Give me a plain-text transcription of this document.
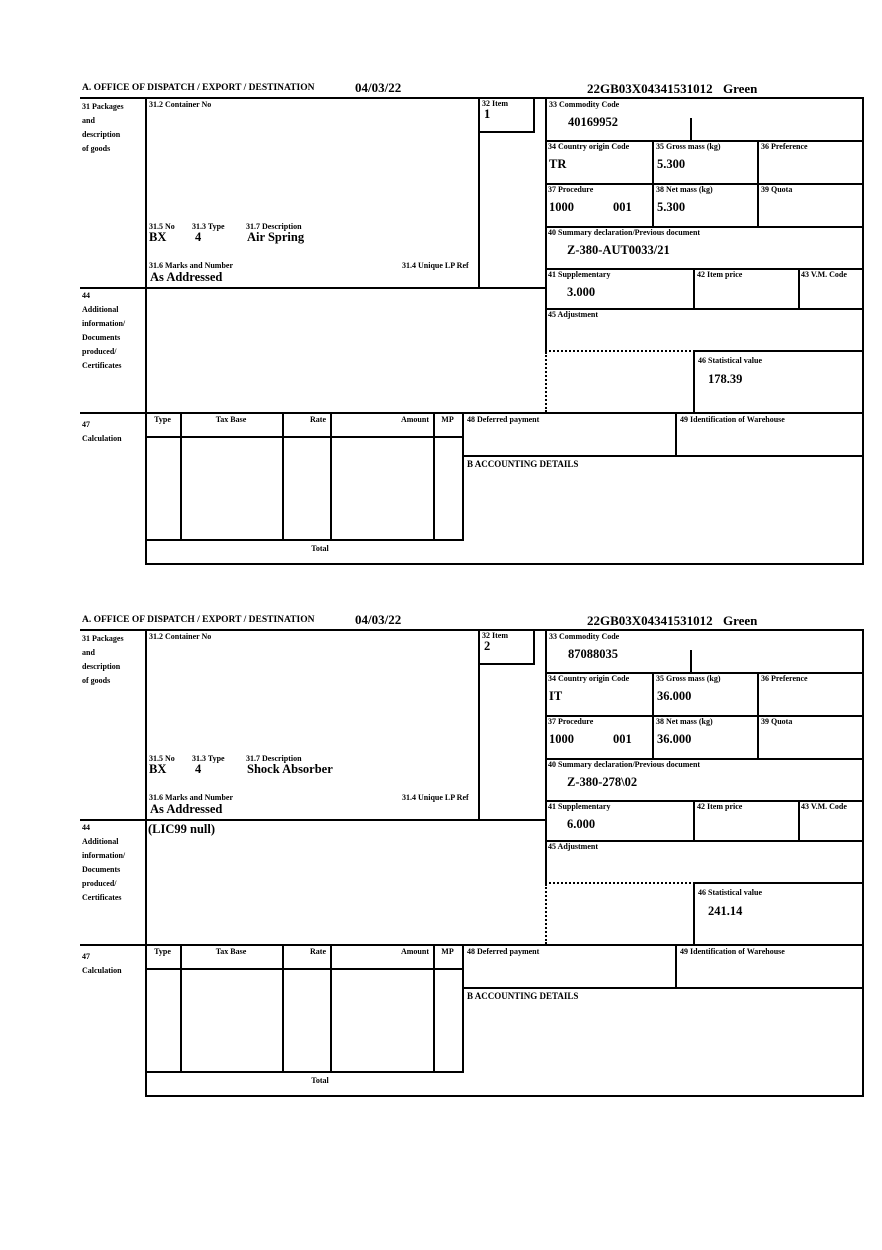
A. OFFICE OF DISPATCH / EXPORT / DESTINATION	04/03/22	22GB03X04341531012 Green
31 Packages
and
description
of goods
31.2 Container No	32 Item
1
33 Commodity Code
40169952
34 Country origin Code
TR
35 Gross mass (kg)
5.300
36 Preference
37 Procedure
1000	001
38 Net mass (kg)
5.300
39 Quota
31.5 No 31.3 Type	31.7 Description
BX 4	Air Spring
31.6 Marks and Number	31.4 Unique LP Ref
As Addressed
40 Summary declaration/Previous document
Z-380-AUT0033/21
41 Supplementary
3.000
42 Item price	43 V.M. Code
45 Adjustment
46 Statistical value
178.39
44
Additional
information/
Documents
produced/
Certificates
47
Calculation
Type	Tax Base	Rate	Amount	MP
Total
48 Deferred payment	49 Identification of Warehouse
B ACCOUNTING DETAILS
A. OFFICE OF DISPATCH / EXPORT / DESTINATION	04/03/22	22GB03X04341531012 Green
31 Packages
and
description
of goods
31.2 Container No	32 Item
2
33 Commodity Code
87088035
34 Country origin Code
IT
35 Gross mass (kg)
36.000
36 Preference
37 Procedure
1000	001
38 Net mass (kg)
36.000
39 Quota
31.5 No 31.3 Type	31.7 Description
BX 4	Shock Absorber
31.6 Marks and Number	31.4 Unique LP Ref
As Addressed
40 Summary declaration/Previous document
Z-380-278\02
41 Supplementary
6.000
42 Item price	43 V.M. Code
45 Adjustment
46 Statistical value
241.14
44
Additional
information/
Documents
produced/
Certificates
(LIC99 null)
47
Calculation
Type	Tax Base	Rate	Amount	MP
Total
48 Deferred payment	49 Identification of Warehouse
B ACCOUNTING DETAILS
